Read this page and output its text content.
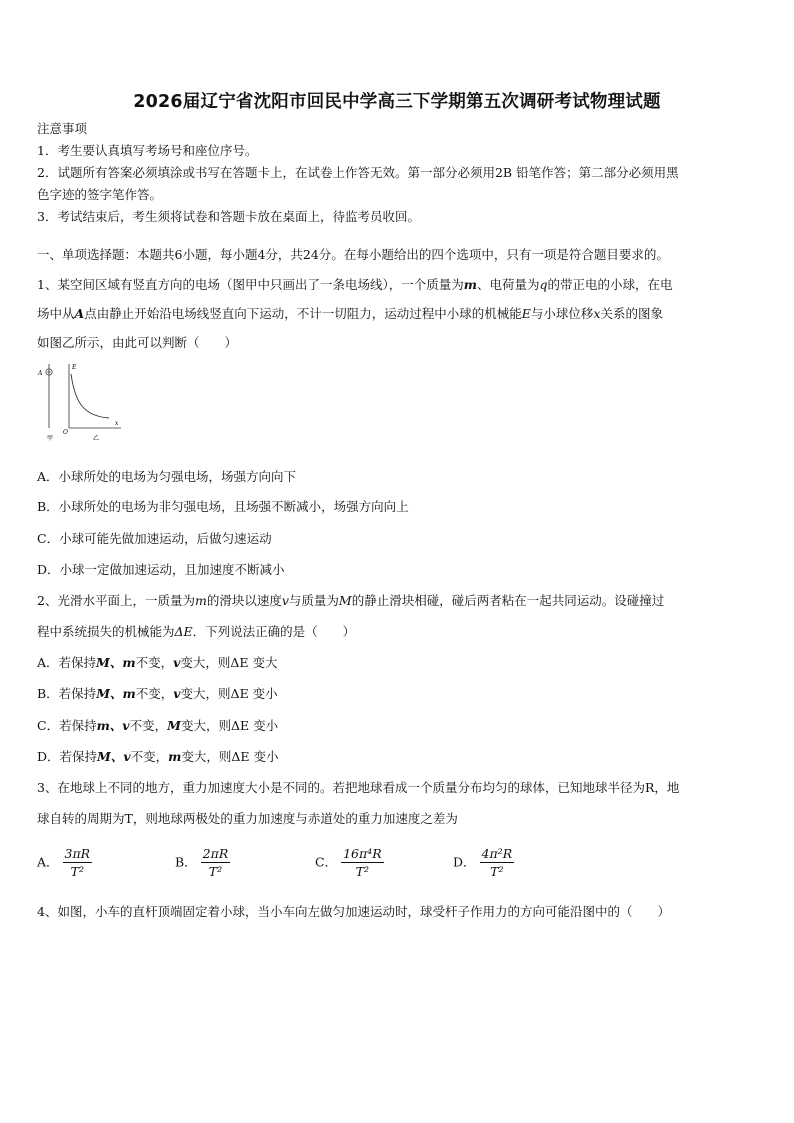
2026届辽宁省沈阳市回民中学高三下学期第五次调研考试物理试题
注意事项
1．考生要认真填写考场号和座位序号。
2．试题所有答案必须填涂或书写在答题卡上，在试卷上作答无效。第一部分必须用2B 铅笔作答；第二部分必须用黑
色字迹的签字笔作答。
3．考试结束后，考生须将试卷和答题卡放在桌面上，待监考员收回。
一、单项选择题：本题共6小题，每小题4分，共24分。在每小题给出的四个选项中，只有一项是符合题目要求的。
1、某空间区域有竖直方向的电场（图甲中只画出了一条电场线），一个质量为m、电荷量为q的带正电的小球，在电
场中从A点由静止开始沿电场线竖直向下运动，不计一切阻力，运动过程中小球的机械能E与小球位移x关系的图象
如图乙所示，由此可以判断（　　）
A
甲
E
O
x
乙
A．小球所处的电场为匀强电场，场强方向向下
B．小球所处的电场为非匀强电场，且场强不断减小，场强方向向上
C．小球可能先做加速运动，后做匀速运动
D．小球一定做加速运动，且加速度不断减小
2、光滑水平面上，一质量为m的滑块以速度v与质量为M的静止滑块相碰，碰后两者粘在一起共同运动。设碰撞过
程中系统损失的机械能为ΔE．下列说法正确的是（　　）
A．若保持M、m不变，v变大，则ΔE 变大
B．若保持M、m不变，v变大，则ΔE 变小
C．若保持m、v不变，M变大，则ΔE 变小
D．若保持M、v不变，m变大，则ΔE 变小
3、在地球上不同的地方，重力加速度大小是不同的。若把地球看成一个质量分布均匀的球体，已知地球半径为R，地
球自转的周期为T，则地球两极处的重力加速度与赤道处的重力加速度之差为
A． $\frac{3\pi R}{\text{T²}}$	B． $\frac{2\pi R}{\text{T²}}$	C． $\frac{\text{16π⁴R}}{\text{T²}}$	D． $\frac{\text{4π²R}}{\text{T²}}$
4、如图，小车的直杆顶端固定着小球，当小车向左做匀加速运动时，球受杆子作用力的方向可能沿图中的（　　）
